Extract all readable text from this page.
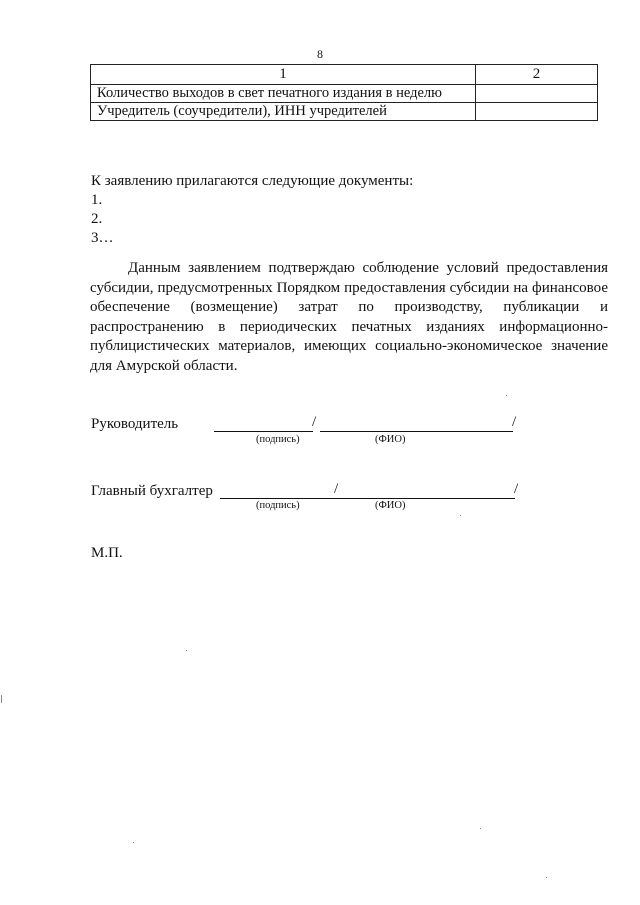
8
1	2
Количество выходов в свет печатного издания в неделю	
Учредитель (соучредители), ИНН учредителей	
К заявлению прилагаются следующие документы:
1.
2.
3…

Данным заявлением подтверждаю соблюдение условий предоставления субсидии, предусмотренных Порядком предоставления субсидии на финансовое обеспечение (возмещение) затрат по производству, публикации и распространению в периодических печатных изданиях информационно-публицистических материалов, имеющих социально-экономическое значение для Амурской области.

Руководитель	/	/
(подпись)	(ФИО)
Главный бухгалтер	/	/
(подпись)	(ФИО)
М.П.
